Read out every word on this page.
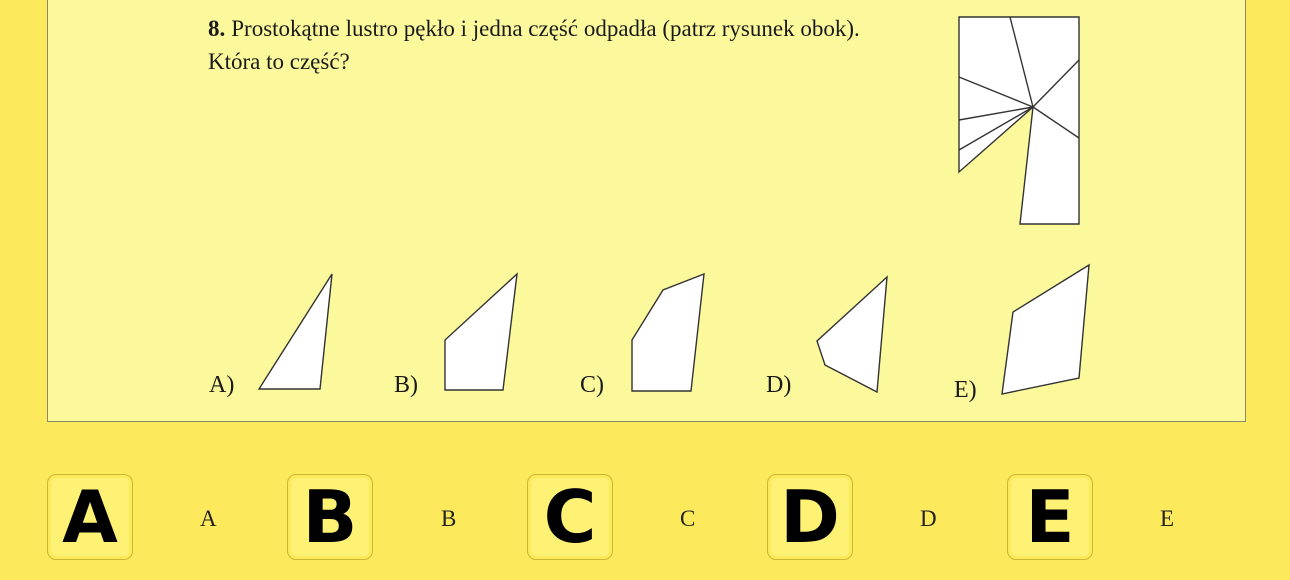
8. Prostokątne lustro pękło i jedna część odpadła (patrz rysunek obok). Która to część?
A)	B)	C)	D)	E)
A	A B	B C	C D	D E	E
